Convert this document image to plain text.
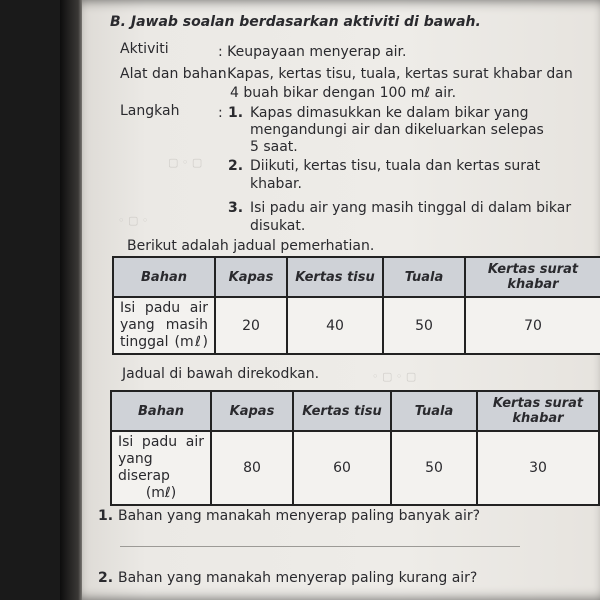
▢ ◦ ▢
◦ ▢ ◦
◦ ▢ ◦ ▢
B. Jawab soalan berdasarkan aktiviti di bawah.
Aktiviti	: Keupayaan menyerap air.
Alat dan bahan
: Kapas, kertas tisu, tuala, kertas surat khabar dan
4 buah bikar dengan 100 mℓ air.
Langkah	: 1. Kapas dimasukkan ke dalam bikar yang
mengandungi air dan dikeluarkan selepas
5 saat.
2. Diikuti, kertas tisu, tuala dan kertas surat
khabar.
3. Isi padu air yang masih tinggal di dalam bikar
disukat.
Berikut adalah jadual pemerhatian.
Bahan	Kapas	Kertas tisu	Tuala	Kertas surat
khabar

Isi padu air
yang masih
tinggal (mℓ)	20	40	50	70
Jadual di bawah direkodkan.
Bahan	Kapas	Kertas tisu	Tuala	Kertas surat
khabar

Isi padu air
yang diserap
(mℓ)	80	60	50	30
1. Bahan yang manakah menyerap paling banyak air?
2. Bahan yang manakah menyerap paling kurang air?
